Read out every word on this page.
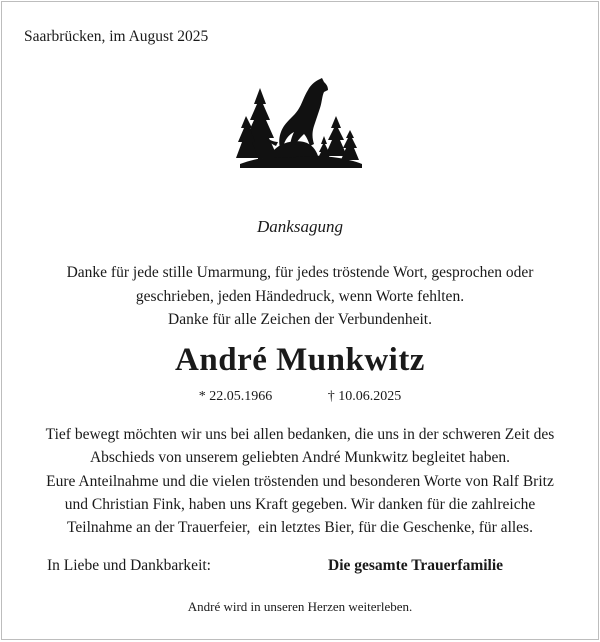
Saarbrücken, im August 2025
Danksagung
Danke für jede stille Umarmung, für jedes tröstende Wort, gesprochen oder
geschrieben, jeden Händedruck, wenn Worte fehlten.
Danke für alle Zeichen der Verbundenheit.
André Munkwitz
* 22.05.1966	† 10.06.2025
Tief bewegt möchten wir uns bei allen bedanken, die uns in der schweren Zeit des
Abschieds von unserem geliebten André Munkwitz begleitet haben.
Eure Anteilnahme und die vielen tröstenden und besonderen Worte von Ralf Britz
und Christian Fink, haben uns Kraft gegeben. Wir danken für die zahlreiche
Teilnahme an der Trauerfeier,  ein letztes Bier, für die Geschenke, für alles.
In Liebe und Dankbarkeit:	Die gesamte Trauerfamilie
André wird in unseren Herzen weiterleben.
